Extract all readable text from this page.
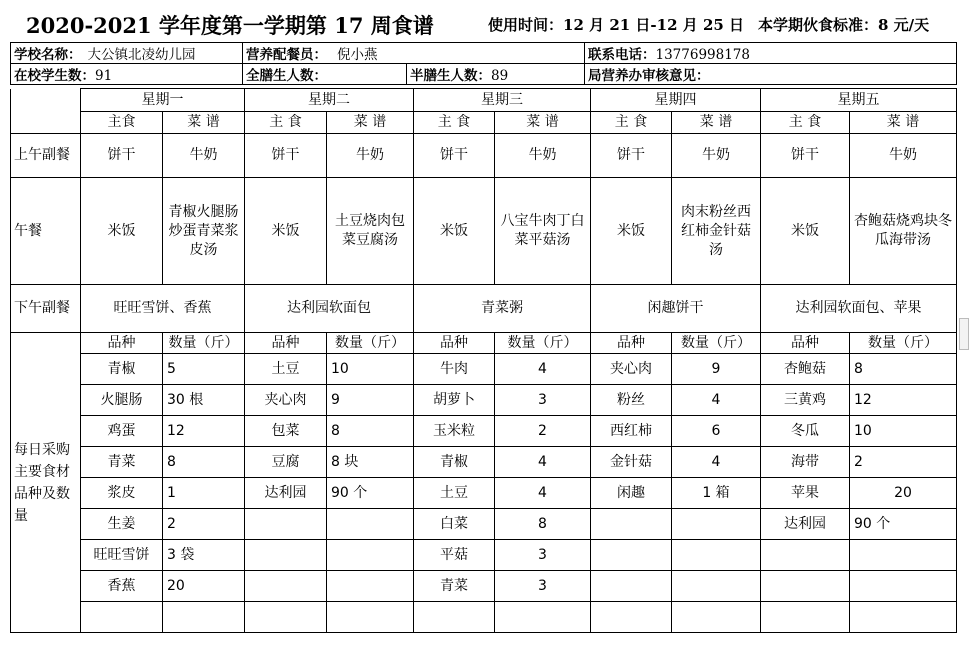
2020-2021 学年度第一学期第 17 周食谱	使用时间：12 月 21 日-12 月 25 日 本学期伙食标准：8 元/天
学校名称： 大公镇北凌幼儿园	营养配餐员： 倪小燕		联系电话：13776998178
在校学生数：91	全膳生人数：	半膳生人数：89	局营养办审核意见：
	星期一		星期二		星期三		星期四		星期五	
	主食	菜 谱	主 食	菜 谱	主 食	菜 谱	主 食	菜 谱	主 食	菜 谱
上午副餐	饼干	牛奶	饼干	牛奶	饼干	牛奶	饼干	牛奶	饼干	牛奶
午餐	米饭	青椒火腿肠炒蛋青菜浆皮汤	米饭	土豆烧肉包菜豆腐汤	米饭	八宝牛肉丁白菜平菇汤	米饭	肉末粉丝西红柿金针菇汤	米饭	杏鲍菇烧鸡块冬瓜海带汤
下午副餐	旺旺雪饼、香蕉		达利园软面包		青菜粥		闲趣饼干		达利园软面包、苹果	
每日采购主要食材品种及数量	品种	数量（斤）	品种	数量（斤）	品种	数量（斤）	品种	数量（斤）	品种	数量（斤）
	青椒	5	土豆	10	牛肉	4	夹心肉	9	杏鲍菇	8
	火腿肠	30 根	夹心肉	9	胡萝卜	3	粉丝	4	三黄鸡	12
	鸡蛋	12	包菜	8	玉米粒	2	西红柿	6	冬瓜	10
	青菜	8	豆腐	8 块	青椒	4	金针菇	4	海带	2
	浆皮	1	达利园	90 个	土豆	4	闲趣	1 箱	苹果	20
	生姜	2			白菜	8			达利园	90 个
	旺旺雪饼	3 袋			平菇	3				
	香蕉	20			青菜	3				
